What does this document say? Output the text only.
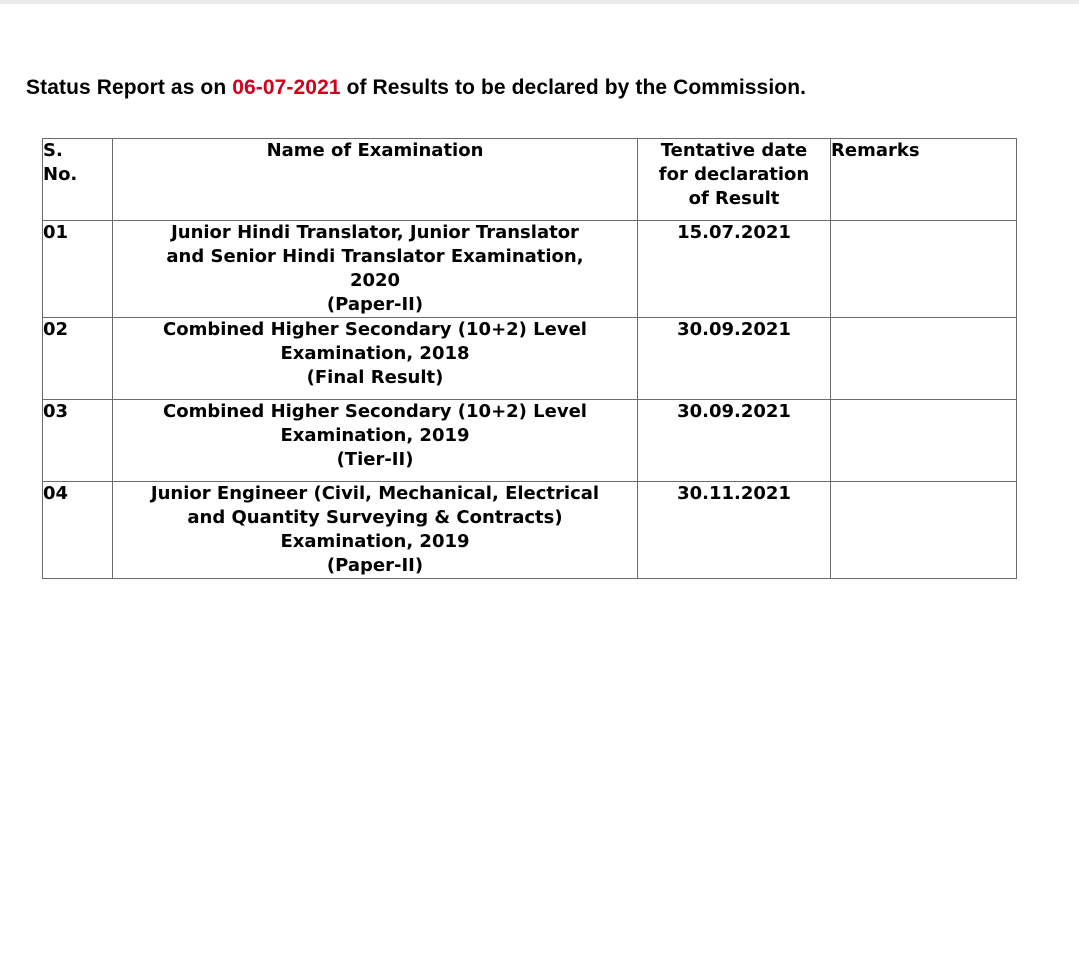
Status Report as on 06-07-2021 of Results to be declared by the Commission.
S.
No.	Name of Examination	Tentative date
for declaration
of Result	Remarks

01	Junior Hindi Translator, Junior Translator
and Senior Hindi Translator Examination,
2020
(Paper-II)	15.07.2021	
02	Combined Higher Secondary (10+2) Level
Examination, 2018
(Final Result)	30.09.2021	
03	Combined Higher Secondary (10+2) Level
Examination, 2019
(Tier-II)	30.09.2021	
04	Junior Engineer (Civil, Mechanical, Electrical
and Quantity Surveying & Contracts)
Examination, 2019
(Paper-II)	30.11.2021	
